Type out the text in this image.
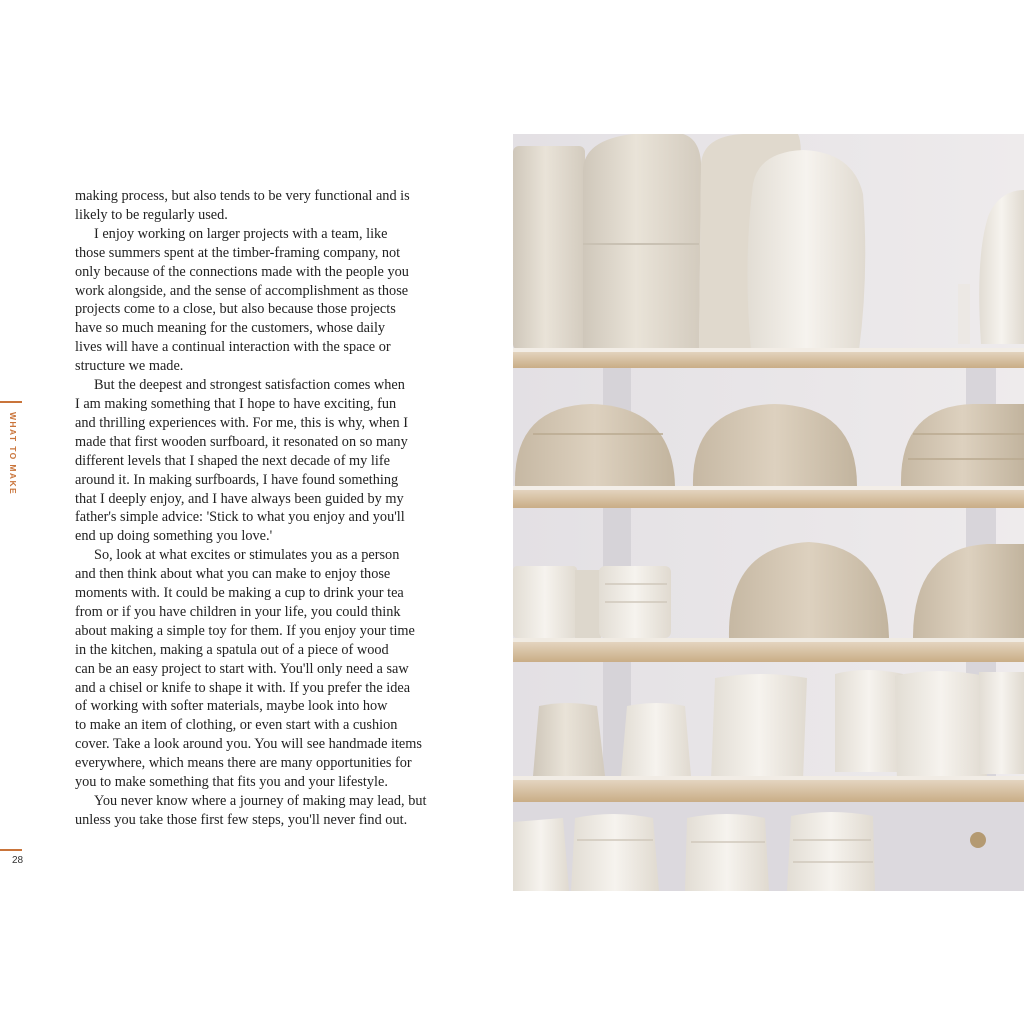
WHAT TO MAKE

making process, but also tends to be very functional and is
likely to be regularly used.
I enjoy working on larger projects with a team, like
those summers spent at the timber-framing company, not
only because of the connections made with the people you
work alongside, and the sense of accomplishment as those
projects come to a close, but also because those projects
have so much meaning for the customers, whose daily
lives will have a continual interaction with the space or
structure we made.
But the deepest and strongest satisfaction comes when
I am making something that I hope to have exciting, fun
and thrilling experiences with. For me, this is why, when I
made that first wooden surfboard, it resonated on so many
different levels that I shaped the next decade of my life
around it. In making surfboards, I have found something
that I deeply enjoy, and I have always been guided by my
father's simple advice: 'Stick to what you enjoy and you'll
end up doing something you love.'
So, look at what excites or stimulates you as a person
and then think about what you can make to enjoy those
moments with. It could be making a cup to drink your tea
from or if you have children in your life, you could think
about making a simple toy for them. If you enjoy your time
in the kitchen, making a spatula out of a piece of wood
can be an easy project to start with. You'll only need a saw
and a chisel or knife to shape it with. If you prefer the idea
of working with softer materials, maybe look into how
to make an item of clothing, or even start with a cushion
cover. Take a look around you. You will see handmade items
everywhere, which means there are many opportunities for
you to make something that fits you and your lifestyle.
You never know where a journey of making may lead, but
unless you take those first few steps, you'll never find out.

28
